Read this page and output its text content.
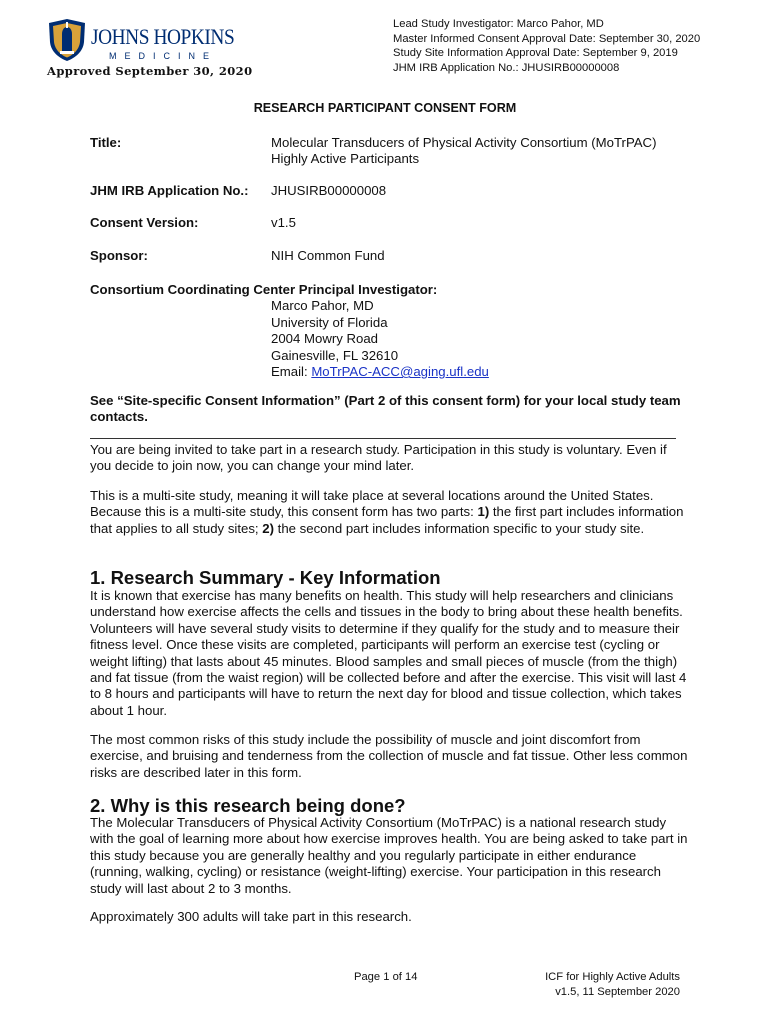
JOHNS HOPKINS
MEDICINE
Approved September 30, 2020
Lead Study Investigator: Marco Pahor, MD
Master Informed Consent Approval Date: September 30, 2020
Study Site Information Approval Date: September 9, 2019
JHM IRB Application No.: JHUSIRB00000008
RESEARCH PARTICIPANT CONSENT FORM
Title:	Molecular Transducers of Physical Activity Consortium (MoTrPAC)
Highly Active Participants
JHM IRB Application No.: JHUSIRB00000008
Consent Version:	v1.5
Sponsor:	NIH Common Fund
Consortium Coordinating Center Principal Investigator:
Marco Pahor, MD
University of Florida
2004 Mowry Road
Gainesville, FL 32610
Email: MoTrPAC-ACC@aging.ufl.edu
See “Site-specific Consent Information” (Part 2 of this consent form) for your local study team contacts.
You are being invited to take part in a research study. Participation in this study is voluntary. Even if you decide to join now, you can change your mind later.
This is a multi-site study, meaning it will take place at several locations around the United States. Because this is a multi-site study, this consent form has two parts: 1) the first part includes information that applies to all study sites; 2) the second part includes information specific to your study site.
1. Research Summary - Key Information
It is known that exercise has many benefits on health. This study will help researchers and clinicians understand how exercise affects the cells and tissues in the body to bring about these health benefits. Volunteers will have several study visits to determine if they qualify for the study and to measure their fitness level. Once these visits are completed, participants will perform an exercise test (cycling or weight lifting) that lasts about 45 minutes. Blood samples and small pieces of muscle (from the thigh) and fat tissue (from the waist region) will be collected before and after the exercise. This visit will last 4 to 8 hours and participants will have to return the next day for blood and tissue collection, which takes about 1 hour.
The most common risks of this study include the possibility of muscle and joint discomfort from exercise, and bruising and tenderness from the collection of muscle and fat tissue. Other less common risks are described later in this form.
2. Why is this research being done?
The Molecular Transducers of Physical Activity Consortium (MoTrPAC) is a national research study with the goal of learning more about how exercise improves health. You are being asked to take part in this study because you are generally healthy and you regularly participate in either endurance (running, walking, cycling) or resistance (weight-lifting) exercise. Your participation in this research study will last about 2 to 3 months.
Approximately 300 adults will take part in this research.
Page 1 of 14	ICF for Highly Active Adults
v1.5, 11 September 2020
